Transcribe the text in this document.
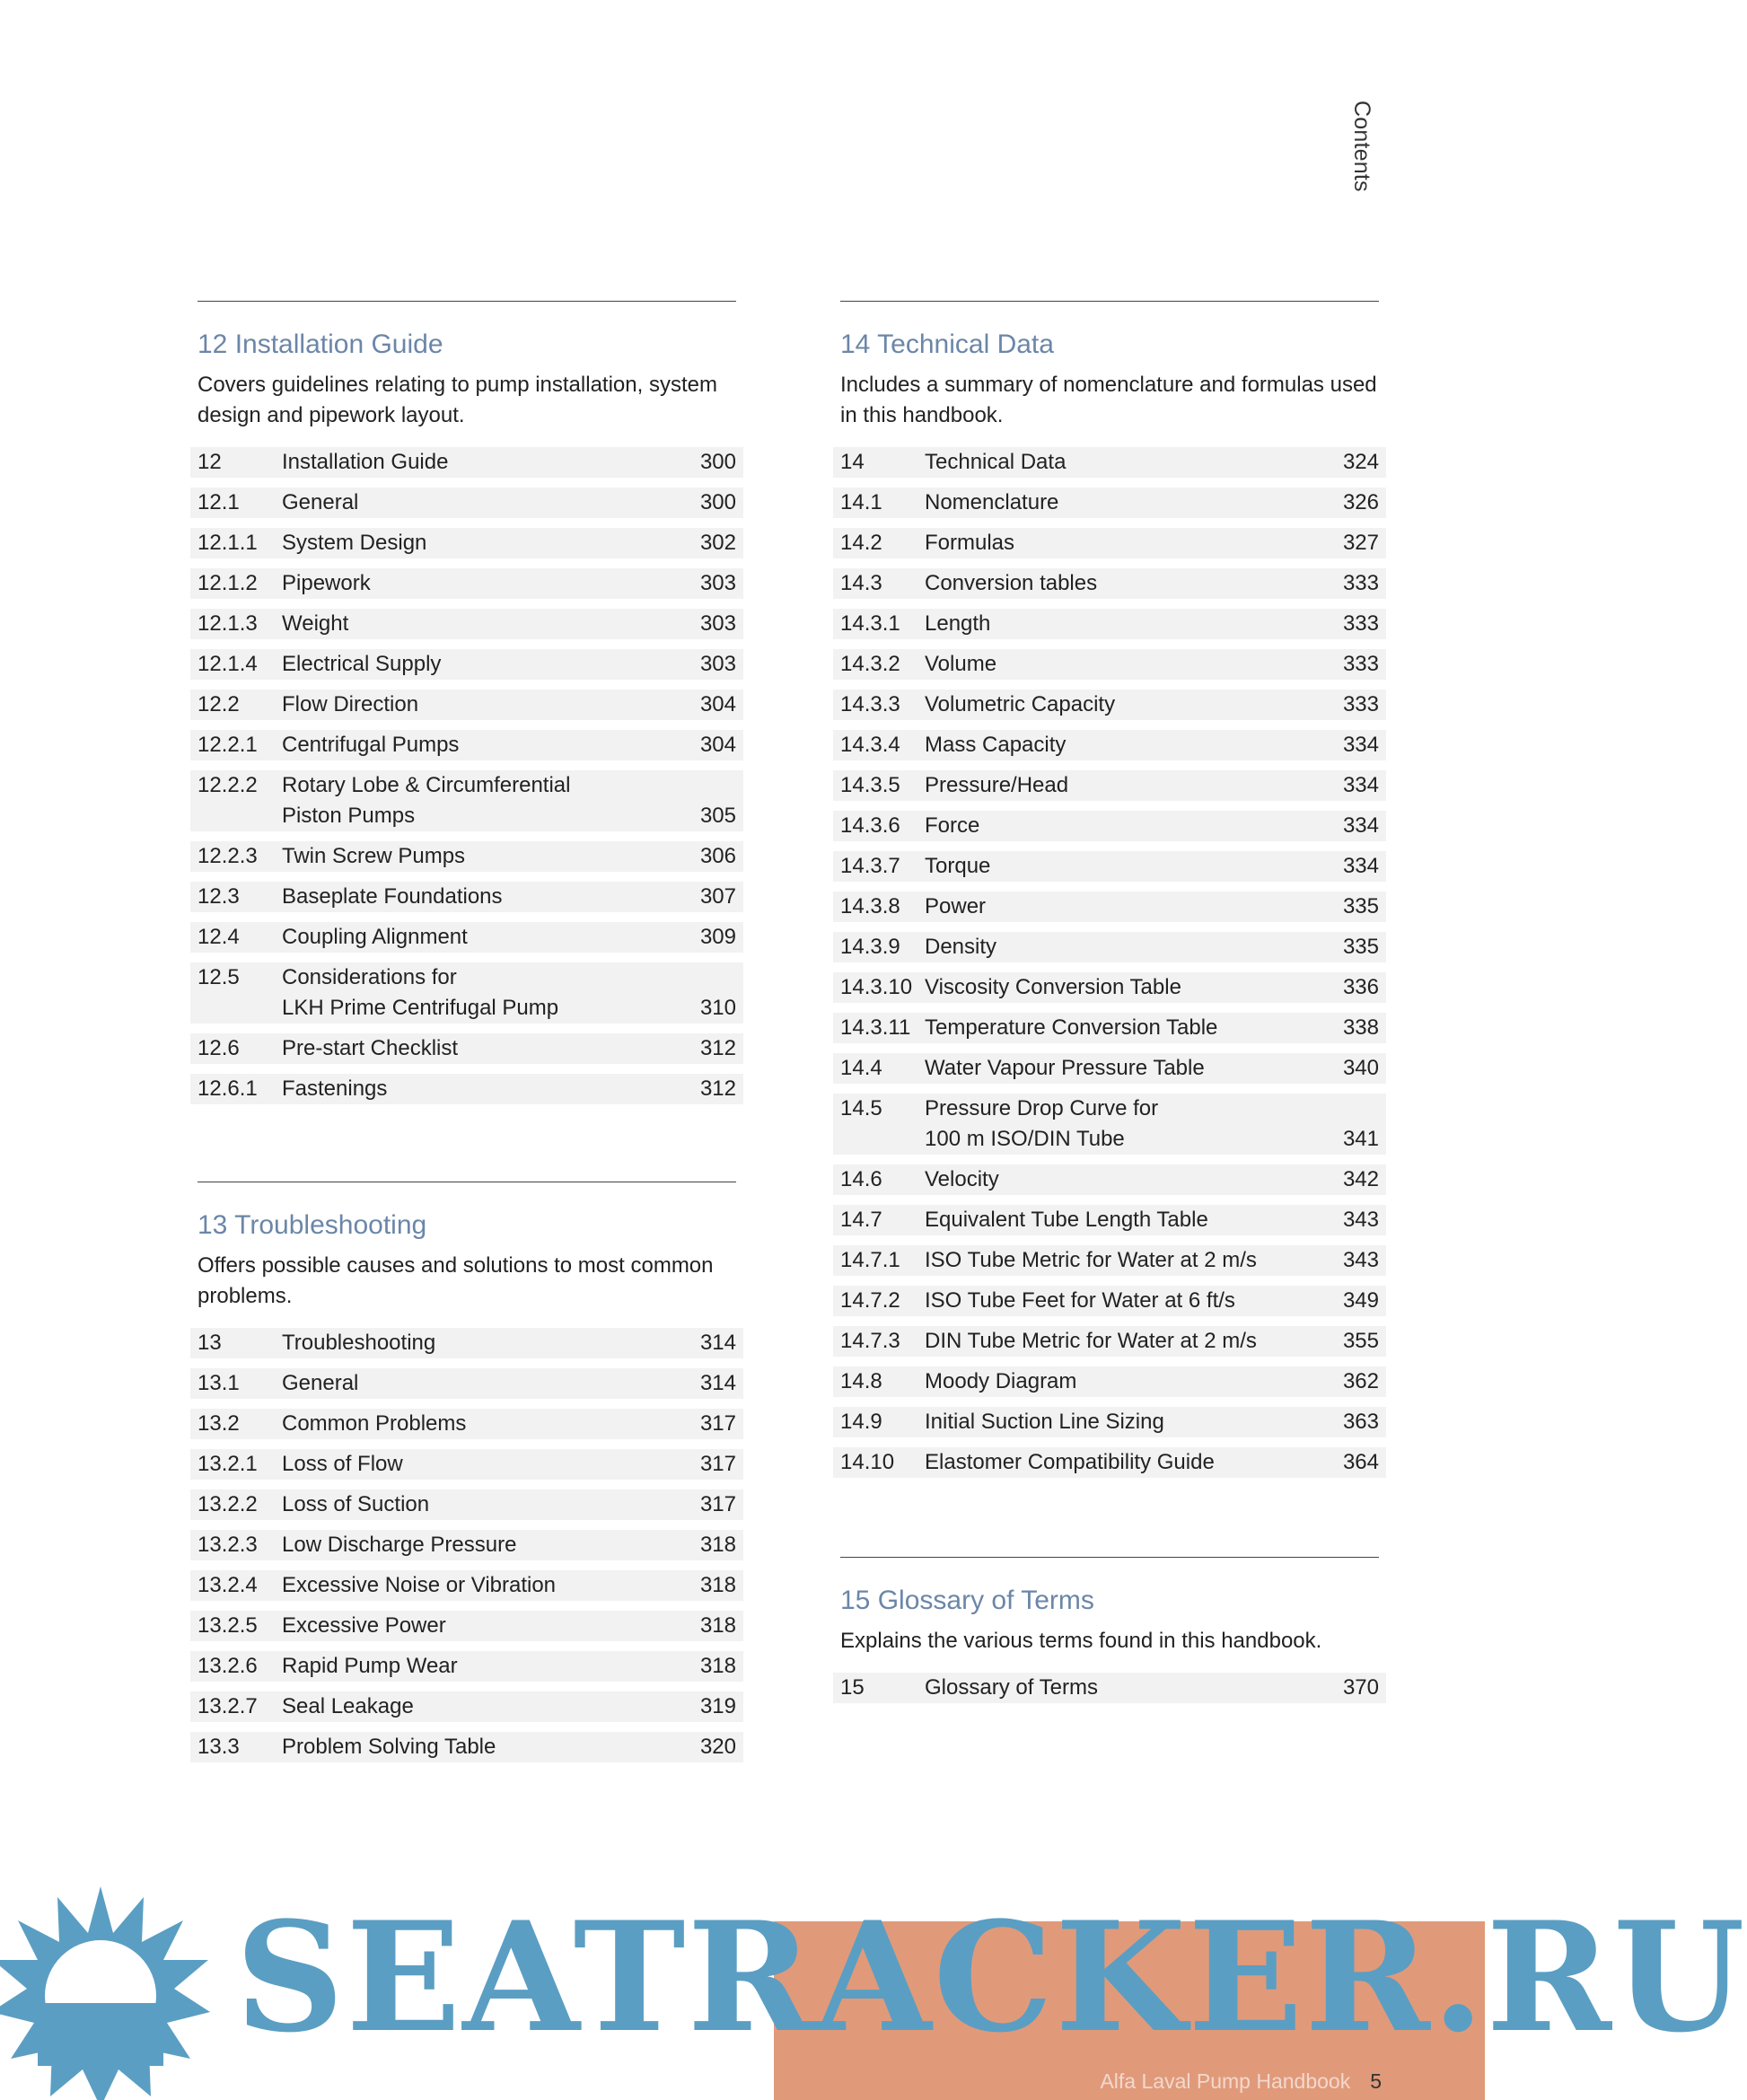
Contents
12 Installation Guide
Covers guidelines relating to pump installation, system design and pipework layout.
12	Installation Guide	300
12.1	General	300
12.1.1	System Design	302
12.1.2	Pipework	303
12.1.3	Weight	303
12.1.4	Electrical Supply	303
12.2	Flow Direction	304
12.2.1	Centrifugal Pumps	304
12.2.2	Rotary Lobe & Circumferential
Piston Pumps	305
12.2.3	Twin Screw Pumps	306
12.3	Baseplate Foundations	307
12.4	Coupling Alignment	309
12.5	Considerations for
LKH Prime Centrifugal Pump	310
12.6	Pre-start Checklist	312
12.6.1	Fastenings	312
13 Troubleshooting
Offers possible causes and solutions to most common problems.
13	Troubleshooting	314
13.1	General	314
13.2	Common Problems	317
13.2.1	Loss of Flow	317
13.2.2	Loss of Suction	317
13.2.3	Low Discharge Pressure	318
13.2.4	Excessive Noise or Vibration	318
13.2.5	Excessive Power	318
13.2.6	Rapid Pump Wear	318
13.2.7	Seal Leakage	319
13.3	Problem Solving Table	320
14 Technical Data
Includes a summary of nomenclature and formulas used in this handbook.
14	Technical Data	324
14.1	Nomenclature	326
14.2	Formulas	327
14.3	Conversion tables	333
14.3.1	Length	333
14.3.2	Volume	333
14.3.3	Volumetric Capacity	333
14.3.4	Mass Capacity	334
14.3.5	Pressure/Head	334
14.3.6	Force	334
14.3.7	Torque	334
14.3.8	Power	335
14.3.9	Density	335
14.3.10 Viscosity Conversion Table	336
14.3.11 Temperature Conversion Table	338
14.4	Water Vapour Pressure Table	340
14.5	Pressure Drop Curve for
100 m ISO/DIN Tube	341
14.6	Velocity	342
14.7	Equivalent Tube Length Table	343
14.7.1	ISO Tube Metric for Water at 2 m/s	343
14.7.2	ISO Tube Feet for Water at 6 ft/s	349
14.7.3	DIN Tube Metric for Water at 2 m/s	355
14.8	Moody Diagram	362
14.9	Initial Suction Line Sizing	363
14.10	Elastomer Compatibility Guide	364
15 Glossary of Terms
Explains the various terms found in this handbook.
15	Glossary of Terms	370
SEATRACKER.RU
Alfa Laval Pump Handbook 5
